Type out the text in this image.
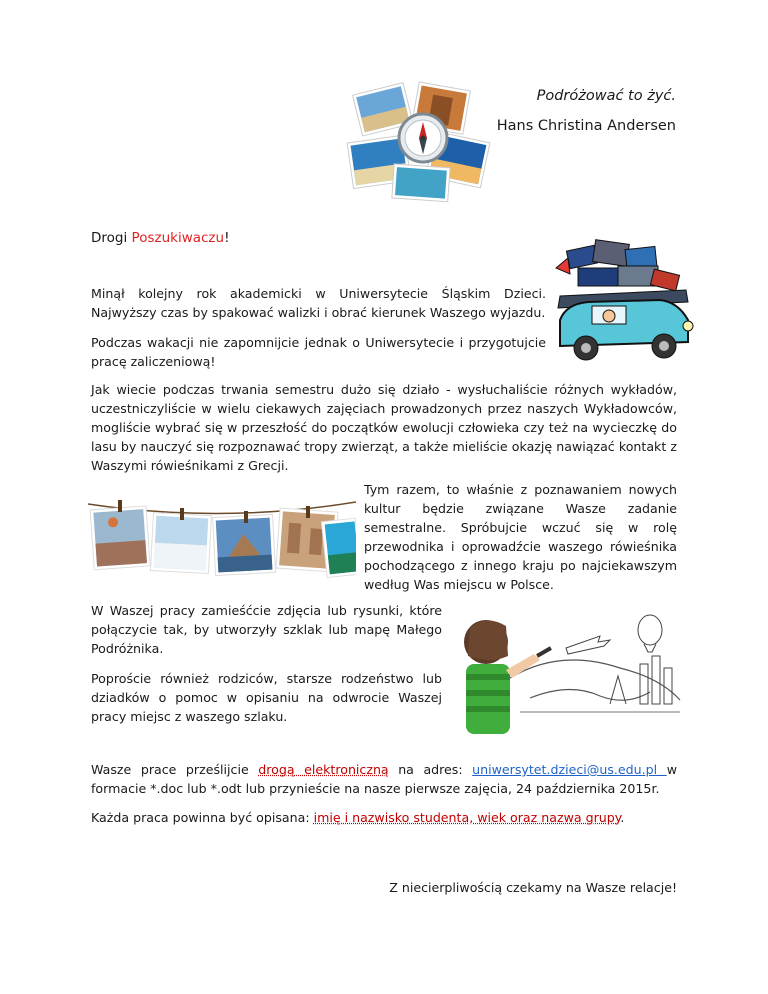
Podróżować to żyć.
Hans Christina Andersen
Drogi Poszukiwaczu!
Minął kolejny rok akademicki w Uniwersytecie Śląskim Dzieci. Najwyższy czas by spakować walizki i obrać kierunek Waszego wyjazdu.
Podczas wakacji nie zapomnijcie jednak o Uniwersytecie i przygotujcie pracę zaliczeniową!
Jak wiecie podczas trwania semestru dużo się działo - wysłuchaliście różnych wykładów, uczestniczyliście w wielu ciekawych zajęciach prowadzonych przez naszych Wykładowców, mogliście wybrać się w przeszłość do początków ewolucji człowieka czy też na wycieczkę do lasu by nauczyć się rozpoznawać tropy zwierząt, a także mieliście okazję nawiązać kontakt z Waszymi rówieśnikami z Grecji.
Tym razem, to właśnie z poznawaniem nowych kultur będzie związane Wasze zadanie semestralne. Spróbujcie wczuć się w rolę przewodnika i oprowadźcie waszego rówieśnika pochodzącego z innego kraju po najciekawszym według Was miejscu w Polsce.
W Waszej pracy zamieśćcie zdjęcia lub rysunki, które połączycie tak, by utworzyły szklak lub mapę Małego Podróżnika.
Poproście również rodziców, starsze rodzeństwo lub dziadków o pomoc w opisaniu na odwrocie Waszej pracy miejsc z waszego szlaku.
Wasze prace prześlijcie drogą elektroniczną na adres: uniwersytet.dzieci@us.edu.pl w formacie *.doc lub *.odt lub przynieście na nasze pierwsze zajęcia, 24 października 2015r.
Każda praca powinna być opisana: imię i nazwisko studenta, wiek oraz nazwa grupy.
Z niecierpliwością czekamy na Wasze relacje!
